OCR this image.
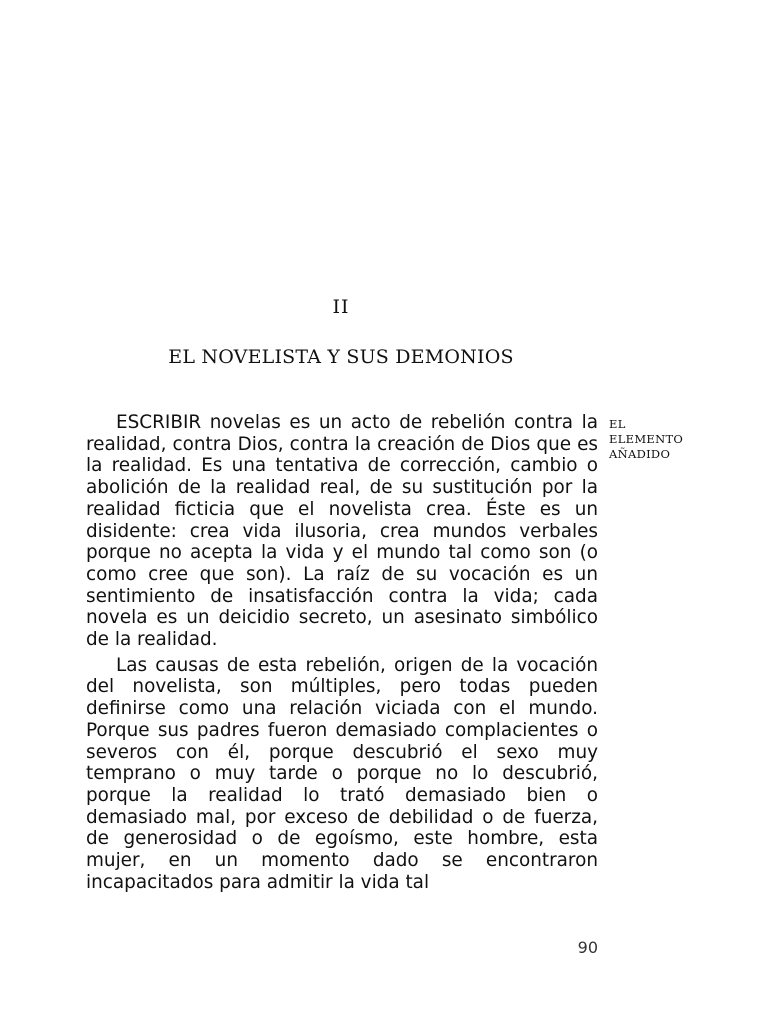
II
EL NOVELISTA Y SUS DEMONIOS

ESCRIBIR novelas es un acto de rebelión contra la realidad, contra Dios, contra la creación de Dios que es la realidad. Es una tentativa de corrección, cambio o abolición de la realidad real, de su sustitución por la realidad ficticia que el novelista crea. Éste es un disidente: crea vida ilusoria, crea mundos verbales porque no acepta la vida y el mundo tal como son (o como cree que son). La raíz de su vocación es un sentimiento de insatisfacción contra la vida; cada novela es un deicidio secreto, un asesinato simbólico de la realidad.

Las causas de esta rebelión, origen de la vocación del novelista, son múltiples, pero todas pueden definirse como una relación viciada con el mundo. Porque sus padres fueron demasiado complacientes o severos con él, porque descubrió el sexo muy temprano o muy tarde o porque no lo descubrió, porque la realidad lo trató demasiado bien o demasiado mal, por exceso de debilidad o de fuerza, de generosidad o de egoísmo, este hombre, esta mujer, en un momento dado se encontraron incapacitados para admitir la vida tal

EL
ELEMENTO
AÑADIDO
90
